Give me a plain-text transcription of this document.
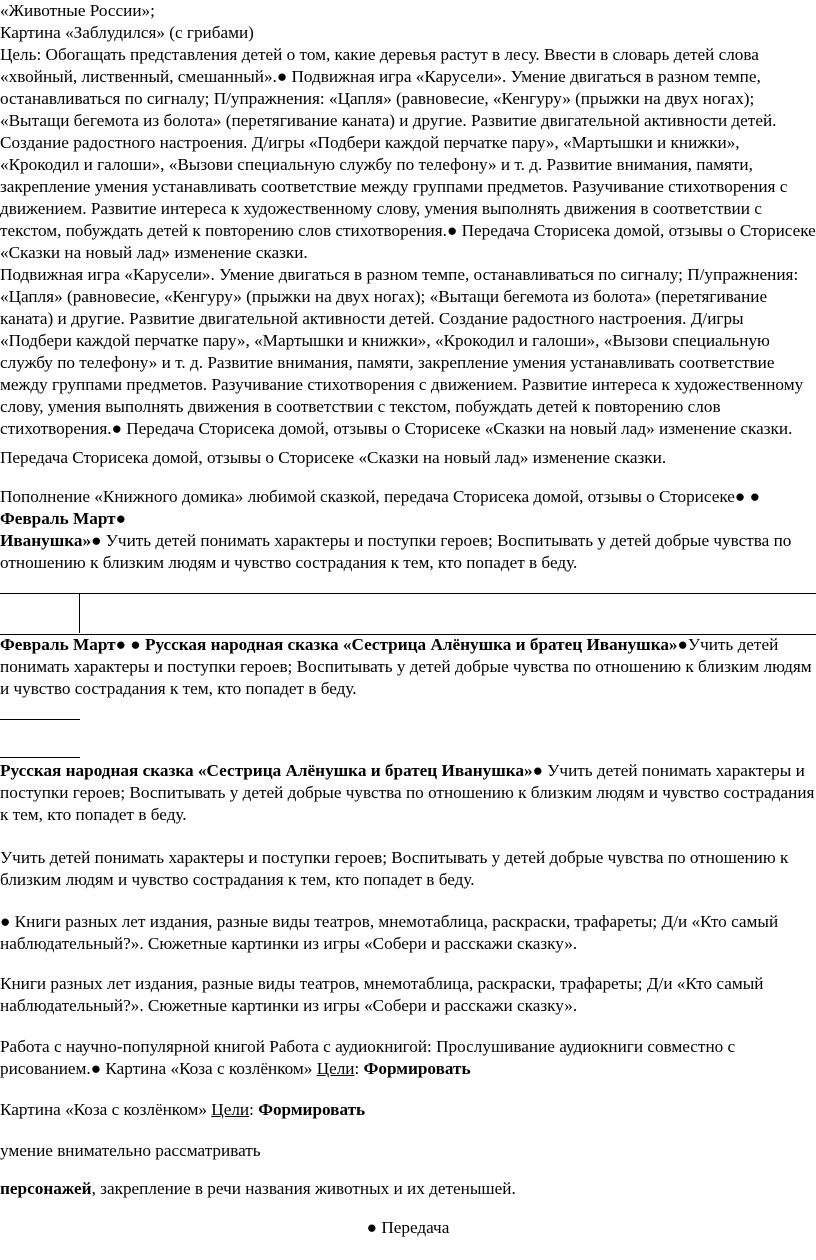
«Животные России»;
Картина «Заблудился» (с грибами)
Цель: Обогащать представления детей о том, какие деревья растут в лесу. Ввести в словарь детей слова «хвойный, лиственный, смешанный».● Подвижная игра «Карусели». Умение двигаться в разном темпе, останавливаться по сигналу; П/упражнения: «Цапля» (равновесие, «Кенгуру» (прыжки на двух ногах); «Вытащи бегемота из болота» (перетягивание каната) и другие. Развитие двигательной активности детей. Создание радостного настроения. Д/игры «Подбери каждой перчатке пару», «Мартышки и книжки», «Крокодил и галоши», «Вызови специальную службу по телефону» и т. д. Развитие внимания, памяти, закрепление умения устанавливать соответствие между группами предметов. Разучивание стихотворения с движением. Развитие интереса к художественному слову, умения выполнять движения в соответствии с текстом, побуждать детей к повторению слов стихотворения.● Передача Сторисека домой, отзывы о Сторисеке «Сказки на новый лад» изменение сказки.

Подвижная игра «Карусели». Умение двигаться в разном темпе, останавливаться по сигналу; П/упражнения: «Цапля» (равновесие, «Кенгуру» (прыжки на двух ногах); «Вытащи бегемота из болота» (перетягивание каната) и другие. Развитие двигательной активности детей. Создание радостного настроения. Д/игры «Подбери каждой перчатке пару», «Мартышки и книжки», «Крокодил и галоши», «Вызови специальную службу по телефону» и т. д. Развитие внимания, памяти, закрепление умения устанавливать соответствие между группами предметов. Разучивание стихотворения с движением. Развитие интереса к художественному слову, умения выполнять движения в соответствии с текстом, побуждать детей к повторению слов стихотворения.● Передача Сторисека домой, отзывы о Сторисеке «Сказки на новый лад» изменение сказки.

Передача Сторисека домой, отзывы о Сторисеке «Сказки на новый лад» изменение сказки.

Пополнение «Книжного домика» любимой сказкой, передача Сторисека домой, отзывы о Сторисеке● ● Февраль Март●
Иванушка»● Учить детей понимать характеры и поступки героев; Воспитывать у детей добрые чувства по отношению к близким людям и чувство сострадания к тем, кто попадет в беду.

Февраль Март● ● Русская народная сказка «Сестрица Алёнушка и братец Иванушка»●Учить детей понимать характеры и поступки героев; Воспитывать у детей добрые чувства по отношению к близким людям и чувство сострадания к тем, кто попадет в беду.

Русская народная сказка «Сестрица Алёнушка и братец Иванушка»● Учить детей понимать характеры и поступки героев; Воспитывать у детей добрые чувства по отношению к близким людям и чувство сострадания к тем, кто попадет в беду.

Учить детей понимать характеры и поступки героев; Воспитывать у детей добрые чувства по отношению к близким людям и чувство сострадания к тем, кто попадет в беду.

● Книги разных лет издания, разные виды театров, мнемотаблица, раскраски, трафареты; Д/и «Кто самый наблюдательный?». Сюжетные картинки из игры «Собери и расскажи сказку».

Книги разных лет издания, разные виды театров, мнемотаблица, раскраски, трафареты; Д/и «Кто самый наблюдательный?». Сюжетные картинки из игры «Собери и расскажи сказку».

Работа с научно-популярной книгой Работа с аудиокнигой: Прослушивание аудиокниги совместно с рисованием.● Картина «Коза с козлёнком» Цели: Формировать

Картина «Коза с козлёнком» Цели: Формировать

умение внимательно рассматривать

персонажей, закрепление в речи названия животных и их детенышей.

● Передача
